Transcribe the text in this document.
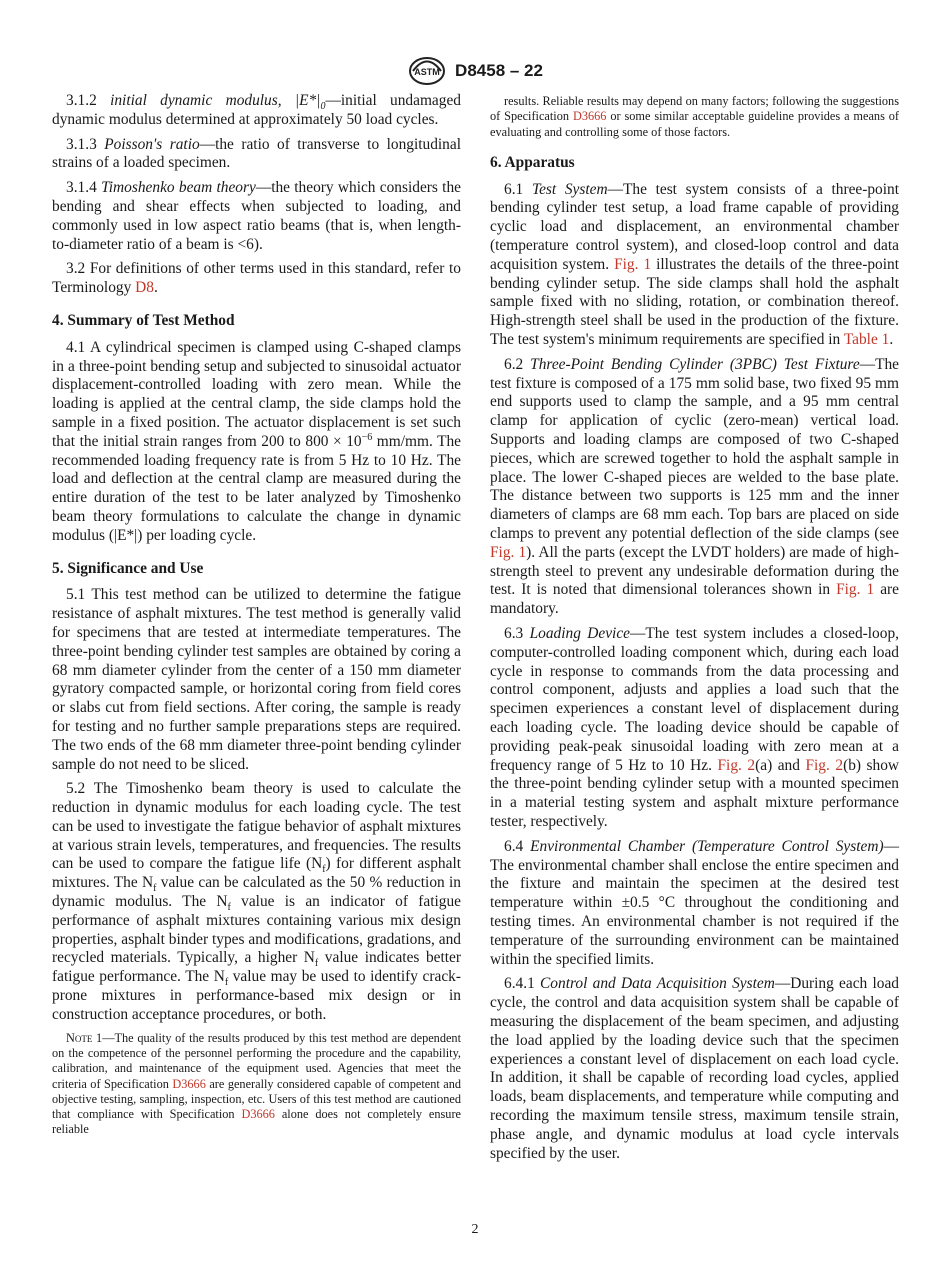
ASTM D8458 – 22

3.1.2 initial dynamic modulus, $|E*|_0—initial$ undamaged dynamic modulus determined at approximately 50 load cycles.

3.1.3 Poisson's ratio—the ratio of transverse to longitudinal strains of a loaded specimen.

3.1.4 Timoshenko beam theory—the theory which considers the bending and shear effects when subjected to loading, and commonly used in low aspect ratio beams (that is, when length-to-diameter ratio of a beam is <6).

3.2 For definitions of other terms used in this standard, refer to Terminology D8.

4. Summary of Test Method

4.1 A cylindrical specimen is clamped using C-shaped clamps in a three-point bending setup and subjected to sinusoidal actuator displacement-controlled loading with zero mean. While the loading is applied at the central clamp, the side clamps hold the sample in a fixed position. The actuator displacement is set such that the initial strain ranges from 200 to $800 \times 10^{-6}$ mm/mm. The recommended loading frequency rate is from 5 Hz to 10 Hz. The load and deflection at the central clamp are measured during the entire duration of the test to be later analyzed by Timoshenko beam theory formulations to calculate the change in dynamic modulus (|E*|) per loading cycle.

5. Significance and Use

5.1 This test method can be utilized to determine the fatigue resistance of asphalt mixtures. The test method is generally valid for specimens that are tested at intermediate temperatures. The three-point bending cylinder test samples are obtained by coring a 68 mm diameter cylinder from the center of a 150 mm diameter gyratory compacted sample, or horizontal coring from field cores or slabs cut from field sections. After coring, the sample is ready for testing and no further sample preparations steps are required. The two ends of the 68 mm diameter three-point bending cylinder sample do not need to be sliced.

5.2 The Timoshenko beam theory is used to calculate the reduction in dynamic modulus for each loading cycle. The test can be used to investigate the fatigue behavior of asphalt mixtures at various strain levels, temperatures, and frequencies. The results can be used to compare the fatigue life $(N_f)$ for different asphalt mixtures. The $N_f$ value can be calculated as the 50 % reduction in dynamic modulus. The $N_f$ value is an indicator of fatigue performance of asphalt mixtures containing various mix design properties, asphalt binder types and modifications, gradations, and recycled materials. Typically, a higher $N_f$ value indicates better fatigue performance. The $N_f$ value may be used to identify crack-prone mixtures in performance-based mix design or in construction acceptance procedures, or both.

Note 1—The quality of the results produced by this test method are dependent on the competence of the personnel performing the procedure and the capability, calibration, and maintenance of the equipment used. Agencies that meet the criteria of Specification D3666 are generally considered capable of competent and objective testing, sampling, inspection, etc. Users of this test method are cautioned that compliance with Specification D3666 alone does not completely ensure reliable

results. Reliable results may depend on many factors; following the suggestions of Specification D3666 or some similar acceptable guideline provides a means of evaluating and controlling some of those factors.

6. Apparatus

6.1 Test System—The test system consists of a three-point bending cylinder test setup, a load frame capable of providing cyclic load and displacement, an environmental chamber (temperature control system), and closed-loop control and data acquisition system. Fig. 1 illustrates the details of the three-point bending cylinder setup. The side clamps shall hold the asphalt sample fixed with no sliding, rotation, or combination thereof. High-strength steel shall be used in the production of the fixture. The test system's minimum requirements are specified in Table 1.

6.2 Three-Point Bending Cylinder (3PBC) Test Fixture—The test fixture is composed of a 175 mm solid base, two fixed 95 mm end supports used to clamp the sample, and a 95 mm central clamp for application of cyclic (zero-mean) vertical load. Supports and loading clamps are composed of two C-shaped pieces, which are screwed together to hold the asphalt sample in place. The lower C-shaped pieces are welded to the base plate. The distance between two supports is 125 mm and the inner diameters of clamps are 68 mm each. Top bars are placed on side clamps to prevent any potential deflection of the side clamps (see Fig. 1). All the parts (except the LVDT holders) are made of high-strength steel to prevent any undesirable deformation during the test. It is noted that dimensional tolerances shown in Fig. 1 are mandatory.

6.3 Loading Device—The test system includes a closed-loop, computer-controlled loading component which, during each load cycle in response to commands from the data processing and control component, adjusts and applies a load such that the specimen experiences a constant level of displacement during each loading cycle. The loading device should be capable of providing peak-peak sinusoidal loading with zero mean at a frequency range of 5 Hz to 10 Hz. Fig. 2(a) and Fig. 2(b) show the three-point bending cylinder setup with a mounted specimen in a material testing system and asphalt mixture performance tester, respectively.

6.4 Environmental Chamber (Temperature Control System)—The environmental chamber shall enclose the entire specimen and the fixture and maintain the specimen at the desired test temperature within ±0.5 °C throughout the conditioning and testing times. An environmental chamber is not required if the temperature of the surrounding environment can be maintained within the specified limits.

6.4.1 Control and Data Acquisition System—During each load cycle, the control and data acquisition system shall be capable of measuring the displacement of the beam specimen, and adjusting the load applied by the loading device such that the specimen experiences a constant level of displacement on each load cycle. In addition, it shall be capable of recording load cycles, applied loads, beam displacements, and temperature while computing and recording the maximum tensile stress, maximum tensile strain, phase angle, and dynamic modulus at load cycle intervals specified by the user.

2
